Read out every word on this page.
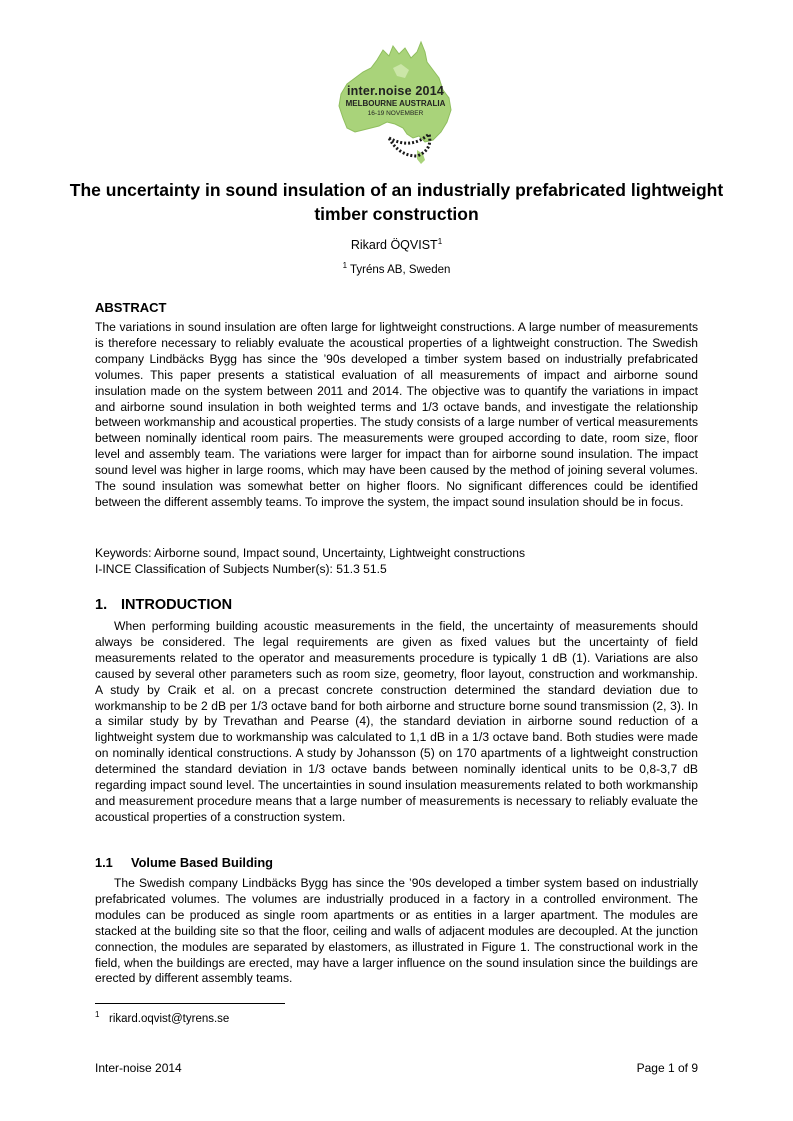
inter.noise 2014
MELBOURNE AUSTRALIA
16-19 NOVEMBER
The uncertainty in sound insulation of an industrially prefabricated lightweight timber construction
Rikard ÖQVIST$^1$
$^1$ Tyréns AB, Sweden
ABSTRACT
The variations in sound insulation are often large for lightweight constructions. A large number of measurements is therefore necessary to reliably evaluate the acoustical properties of a lightweight construction. The Swedish company Lindbäcks Bygg has since the ’90s developed a timber system based on industrially prefabricated volumes. This paper presents a statistical evaluation of all measurements of impact and airborne sound insulation made on the system between 2011 and 2014. The objective was to quantify the variations in impact and airborne sound insulation in both weighted terms and 1/3 octave bands, and investigate the relationship between workmanship and acoustical properties. The study consists of a large number of vertical measurements between nominally identical room pairs. The measurements were grouped according to date, room size, floor level and assembly team. The variations were larger for impact than for airborne sound insulation. The impact sound level was higher in large rooms, which may have been caused by the method of joining several volumes. The sound insulation was somewhat better on higher floors. No significant differences could be identified between the different assembly teams. To improve the system, the impact sound insulation should be in focus.
Keywords: Airborne sound, Impact sound, Uncertainty, Lightweight constructions
I-INCE Classification of Subjects Number(s): 51.3 51.5
1. INTRODUCTION
When performing building acoustic measurements in the field, the uncertainty of measurements should always be considered. The legal requirements are given as fixed values but the uncertainty of field measurements related to the operator and measurements procedure is typically 1 dB (1). Variations are also caused by several other parameters such as room size, geometry, floor layout, construction and workmanship. A study by Craik et al. on a precast concrete construction determined the standard deviation due to workmanship to be 2 dB per 1/3 octave band for both airborne and structure borne sound transmission (2, 3). In a similar study by by Trevathan and Pearse (4), the standard deviation in airborne sound reduction of a lightweight system due to workmanship was calculated to 1,1 dB in a 1/3 octave band. Both studies were made on nominally identical constructions. A study by Johansson (5) on 170 apartments of a lightweight construction determined the standard deviation in 1/3 octave bands between nominally identical units to be 0,8-3,7 dB regarding impact sound level. The uncertainties in sound insulation measurements related to both workmanship and measurement procedure means that a large number of measurements is necessary to reliably evaluate the acoustical properties of a construction system.
1.1 Volume Based Building
The Swedish company Lindbäcks Bygg has since the ’90s developed a timber system based on industrially prefabricated volumes. The volumes are industrially produced in a factory in a controlled environment. The modules can be produced as single room apartments or as entities in a larger apartment. The modules are stacked at the building site so that the floor, ceiling and walls of adjacent modules are decoupled. At the junction connection, the modules are separated by elastomers, as illustrated in Figure 1. The constructional work in the field, when the buildings are erected, may have a larger influence on the sound insulation since the buildings are erected by different assembly teams.
$^1$ rikard.oqvist@tyrens.se
Inter-noise 2014	Page 1 of 9
